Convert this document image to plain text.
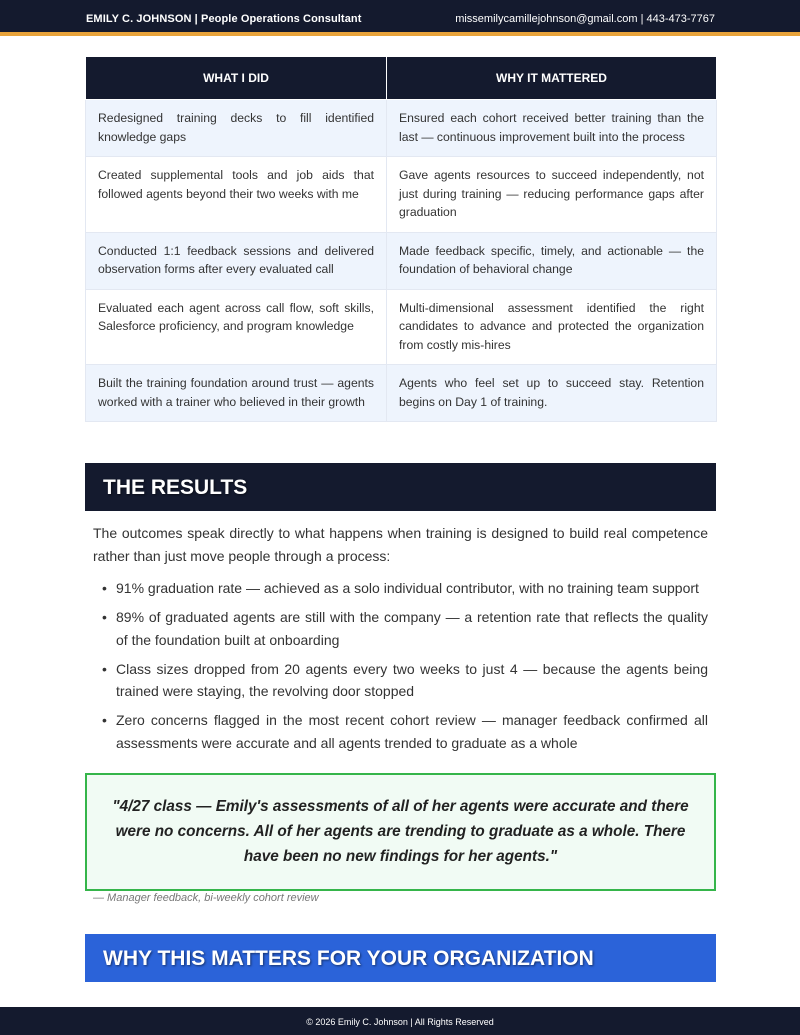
EMILY C. JOHNSON | People Operations Consultant	missemilycamillejohnson@gmail.com | 443-473-7767
WHAT I DID	WHY IT MATTERED
Redesigned training decks to fill identified knowledge gaps	Ensured each cohort received better training than the last — continuous improvement built into the process
Created supplemental tools and job aids that followed agents beyond their two weeks with me	Gave agents resources to succeed independently, not just during training — reducing performance gaps after graduation
Conducted 1:1 feedback sessions and delivered observation forms after every evaluated call	Made feedback specific, timely, and actionable — the foundation of behavioral change
Evaluated each agent across call flow, soft skills, Salesforce proficiency, and program knowledge	Multi-dimensional assessment identified the right candidates to advance and protected the organization from costly mis-hires
Built the training foundation around trust — agents worked with a trainer who believed in their growth	Agents who feel set up to succeed stay. Retention begins on Day 1 of training.
THE RESULTS

The outcomes speak directly to what happens when training is designed to build real competence rather than just move people through a process:

• 91% graduation rate — achieved as a solo individual contributor, with no training team support
• 89% of graduated agents are still with the company — a retention rate that reflects the quality of the foundation built at onboarding
• Class sizes dropped from 20 agents every two weeks to just 4 — because the agents being trained were staying, the revolving door stopped
• Zero concerns flagged in the most recent cohort review — manager feedback confirmed all assessments were accurate and all agents trended to graduate as a whole

"4/27 class — Emily's assessments of all of her agents were accurate and there were no concerns. All of her agents are trending to graduate as a whole. There have been no new findings for her agents."

— Manager feedback, bi-weekly cohort review
WHY THIS MATTERS FOR YOUR ORGANIZATION
© 2026 Emily C. Johnson | All Rights Reserved
